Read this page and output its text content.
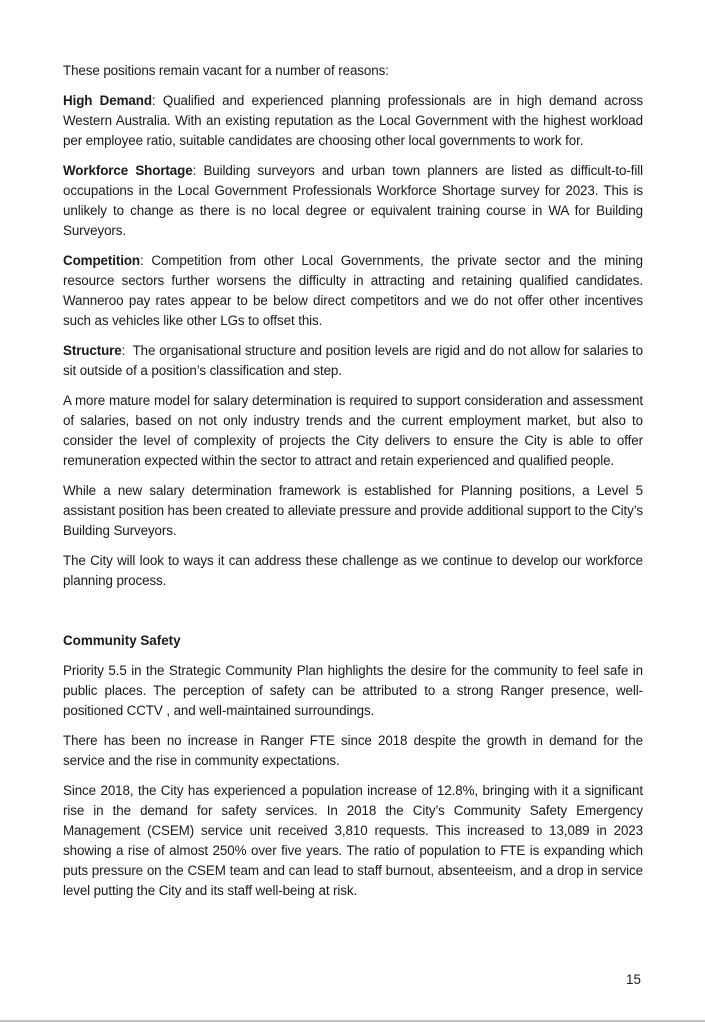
These positions remain vacant for a number of reasons:

High Demand: Qualified and experienced planning professionals are in high demand across Western Australia. With an existing reputation as the Local Government with the highest workload per employee ratio, suitable candidates are choosing other local governments to work for.

Workforce Shortage: Building surveyors and urban town planners are listed as difficult-to-fill occupations in the Local Government Professionals Workforce Shortage survey for 2023. This is unlikely to change as there is no local degree or equivalent training course in WA for Building Surveyors.

Competition: Competition from other Local Governments, the private sector and the mining resource sectors further worsens the difficulty in attracting and retaining qualified candidates. Wanneroo pay rates appear to be below direct competitors and we do not offer other incentives such as vehicles like other LGs to offset this.

Structure:  The organisational structure and position levels are rigid and do not allow for salaries to sit outside of a position’s classification and step.

A more mature model for salary determination is required to support consideration and assessment of salaries, based on not only industry trends and the current employment market, but also to consider the level of complexity of projects the City delivers to ensure the City is able to offer remuneration expected within the sector to attract and retain experienced and qualified people.

While a new salary determination framework is established for Planning positions, a Level 5 assistant position has been created to alleviate pressure and provide additional support to the City’s Building Surveyors.

The City will look to ways it can address these challenge as we continue to develop our workforce planning process.

Community Safety

Priority 5.5 in the Strategic Community Plan highlights the desire for the community to feel safe in public places. The perception of safety can be attributed to a strong Ranger presence, well-positioned CCTV , and well-maintained surroundings.

There has been no increase in Ranger FTE since 2018 despite the growth in demand for the service and the rise in community expectations.

Since 2018, the City has experienced a population increase of 12.8%, bringing with it a significant rise in the demand for safety services. In 2018 the City’s Community Safety Emergency Management (CSEM) service unit received 3,810 requests. This increased to 13,089 in 2023 showing a rise of almost 250% over five years. The ratio of population to FTE is expanding which puts pressure on the CSEM team and can lead to staff burnout, absenteeism, and a drop in service level putting the City and its staff well-being at risk.

15
